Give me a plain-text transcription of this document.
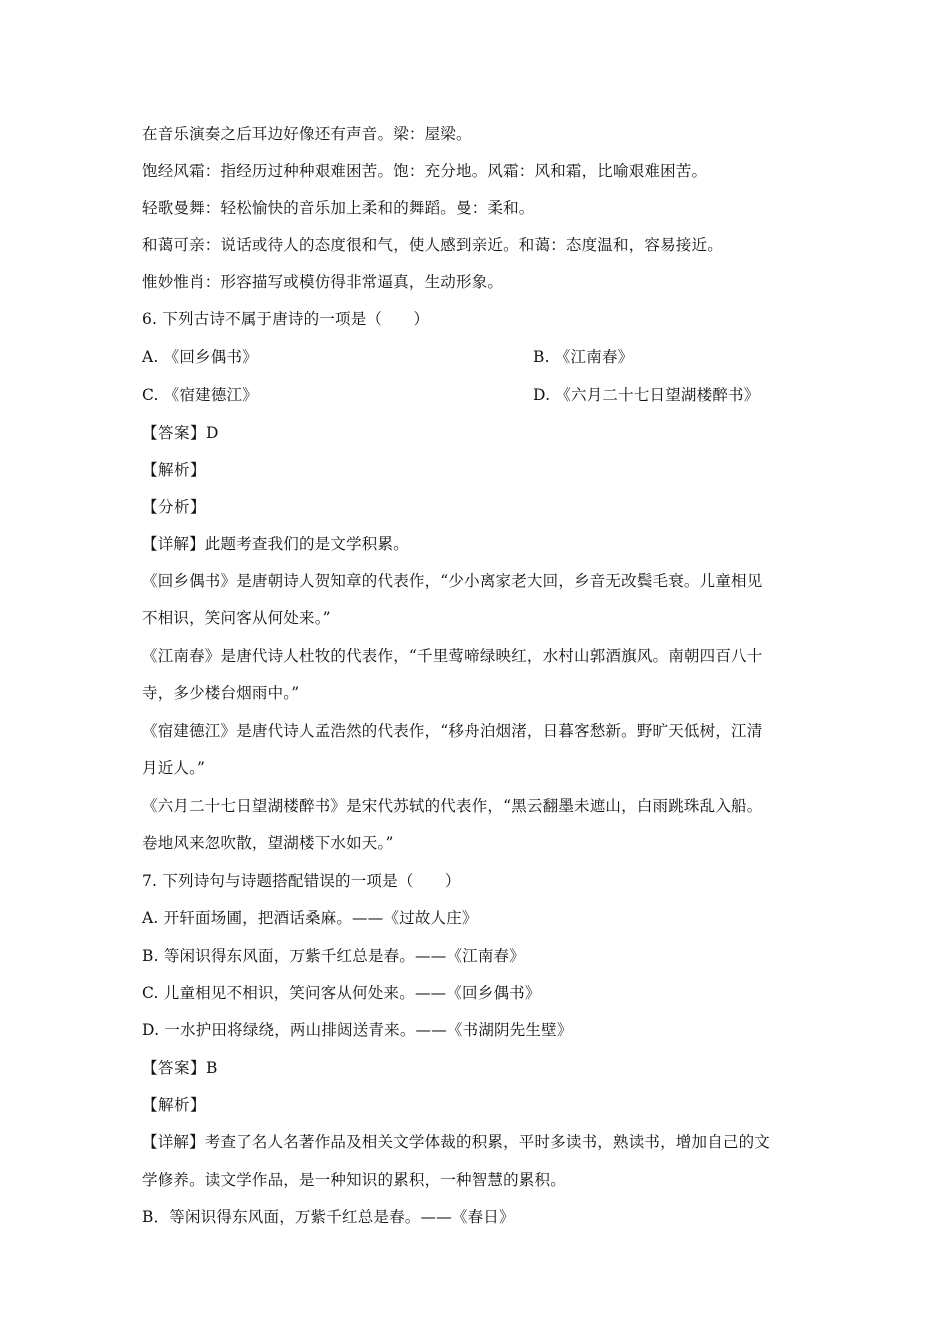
在音乐演奏之后耳边好像还有声音。梁：屋梁。
饱经风霜：指经历过种种艰难困苦。饱：充分地。风霜：风和霜，比喻艰难困苦。
轻歌曼舞：轻松愉快的音乐加上柔和的舞蹈。曼：柔和。
和蔼可亲：说话或待人的态度很和气，使人感到亲近。和蔼：态度温和，容易接近。
惟妙惟肖：形容描写或模仿得非常逼真，生动形象。
6. 下列古诗不属于唐诗的一项是（　　）
A. 《回乡偶书》	B. 《江南春》
C. 《宿建德江》	D. 《六月二十七日望湖楼醉书》
【答案】D
【解析】
【分析】
【详解】此题考查我们的是文学积累。
《回乡偶书》是唐朝诗人贺知章的代表作，“少小离家老大回，乡音无改鬓毛衰。儿童相见
不相识，笑问客从何处来。”
《江南春》是唐代诗人杜牧的代表作，“千里莺啼绿映红，水村山郭酒旗风。南朝四百八十
寺，多少楼台烟雨中。”
《宿建德江》是唐代诗人孟浩然的代表作，“移舟泊烟渚，日暮客愁新。野旷天低树，江清
月近人。”
《六月二十七日望湖楼醉书》是宋代苏轼的代表作，“黑云翻墨未遮山，白雨跳珠乱入船。
卷地风来忽吹散，望湖楼下水如天。”
7. 下列诗句与诗题搭配错误的一项是（　　）
A. 开轩面场圃，把酒话桑麻。——《过故人庄》
B. 等闲识得东风面，万紫千红总是春。——《江南春》
C. 儿童相见不相识，笑问客从何处来。——《回乡偶书》
D. 一水护田将绿绕，两山排闼送青来。——《书湖阴先生壁》
【答案】B
【解析】
【详解】考查了名人名著作品及相关文学体裁的积累，平时多读书，熟读书，增加自己的文
学修养。读文学作品，是一种知识的累积，一种智慧的累积。
B．等闲识得东风面，万紫千红总是春。——《春日》
